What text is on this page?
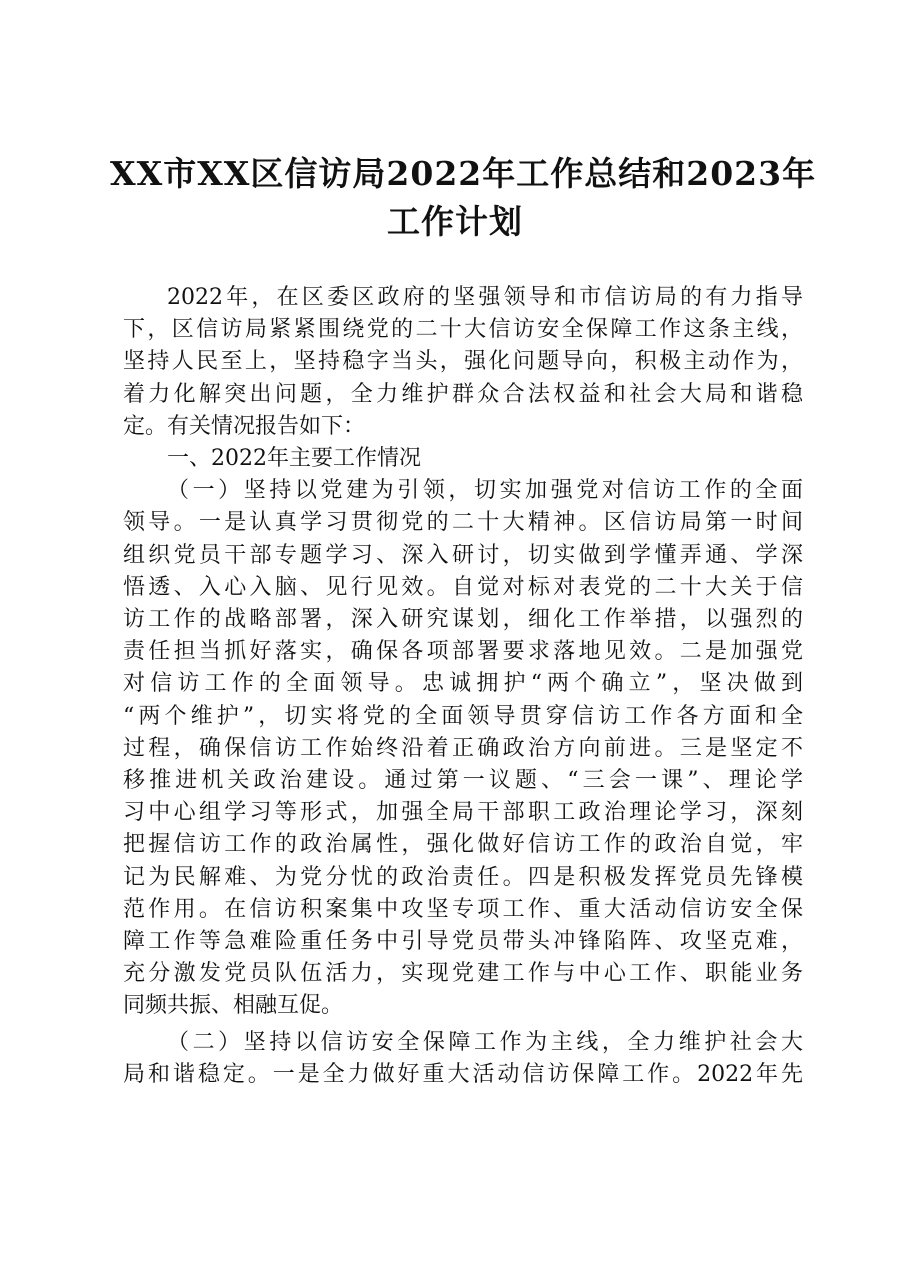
XX市XX区信访局2022年工作总结和2023年
工作计划
2022年，在区委区政府的坚强领导和市信访局的有力指导
下，区信访局紧紧围绕党的二十大信访安全保障工作这条主线，
坚持人民至上，坚持稳字当头，强化问题导向，积极主动作为，
着力化解突出问题，全力维护群众合法权益和社会大局和谐稳
定。有关情况报告如下：
一、2022年主要工作情况
（一）坚持以党建为引领，切实加强党对信访工作的全面
领导。一是认真学习贯彻党的二十大精神。区信访局第一时间
组织党员干部专题学习、深入研讨，切实做到学懂弄通、学深
悟透、入心入脑、见行见效。自觉对标对表党的二十大关于信
访工作的战略部署，深入研究谋划，细化工作举措，以强烈的
责任担当抓好落实，确保各项部署要求落地见效。二是加强党
对信访工作的全面领导。忠诚拥护“两个确立”，坚决做到
“两个维护”，切实将党的全面领导贯穿信访工作各方面和全
过程，确保信访工作始终沿着正确政治方向前进。三是坚定不
移推进机关政治建设。通过第一议题、“三会一课”、理论学
习中心组学习等形式，加强全局干部职工政治理论学习，深刻
把握信访工作的政治属性，强化做好信访工作的政治自觉，牢
记为民解难、为党分忧的政治责任。四是积极发挥党员先锋模
范作用。在信访积案集中攻坚专项工作、重大活动信访安全保
障工作等急难险重任务中引导党员带头冲锋陷阵、攻坚克难，
充分激发党员队伍活力，实现党建工作与中心工作、职能业务
同频共振、相融互促。
（二）坚持以信访安全保障工作为主线，全力维护社会大
局和谐稳定。一是全力做好重大活动信访保障工作。2022年先
